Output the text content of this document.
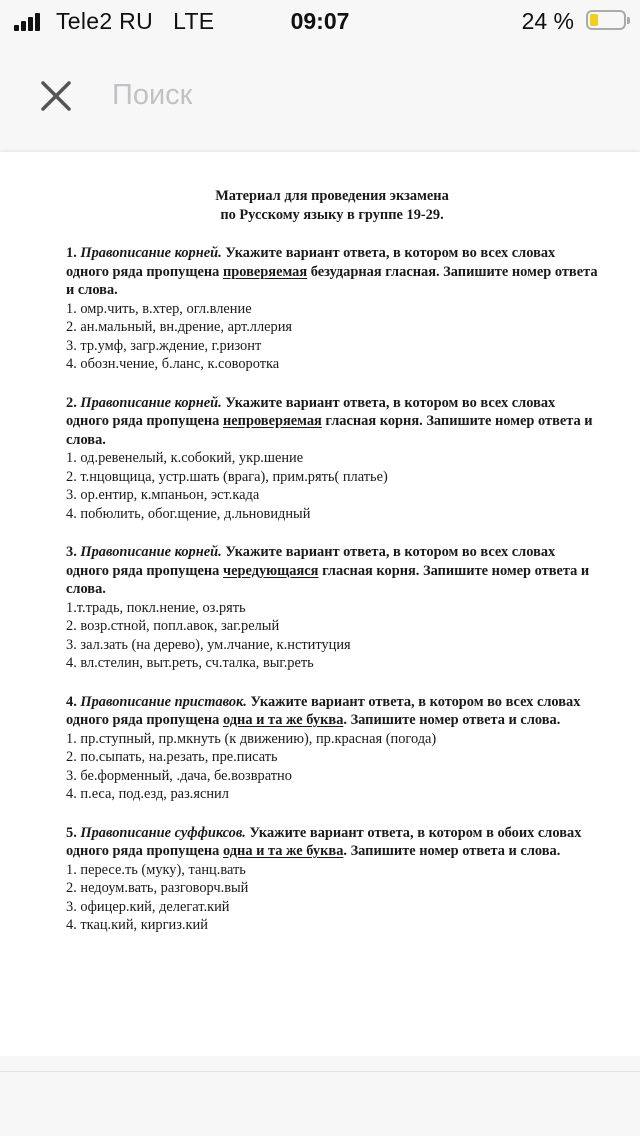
Tele2 RU LTE	09:07	24 %
Поиск
Материал для проведения экзамена
по Русскому языку в группе 19-29.
1. Правописание корней. Укажите вариант ответа, в котором во всех словах одного ряда пропущена проверяемая безударная гласная. Запишите номер ответа и слова.
1. омр.чить, в.хтер, огл.вление
2. ан.мальный, вн.дрение, арт.ллерия
3. тр.умф, загр.ждение, г.ризонт
4. обозн.чение, б.ланс, к.соворотка
2. Правописание корней. Укажите вариант ответа, в котором во всех словах одного ряда пропущена непроверяемая гласная корня. Запишите номер ответа и слова.
1. од.ревенелый, к.собокий, укр.шение
2. т.нцовщица, устр.шать (врага), прим.рять( платье)
3. ор.ентир, к.мпаньон, эст.када
4. побюлить, обог.щение, д.льновидный
3. Правописание корней. Укажите вариант ответа, в котором во всех словах одного ряда пропущена чередующаяся гласная корня. Запишите номер ответа и слова.
1.т.традь, покл.нение, оз.рять
2. возр.стной, попл.авок, заг.релый
3. зал.зать (на дерево), ум.лчание, к.нституция
4. вл.стелин, выт.реть, сч.талка, выг.реть
4. Правописание приставок. Укажите вариант ответа, в котором во всех словах одного ряда пропущена одна и та же буква. Запишите номер ответа и слова.
1. пр.ступный, пр.мкнуть (к движению), пр.красная (погода)
2. по.сыпать, на.резать, пре.писать
3. бе.форменный, .дача, бе.возвратно
4. п.еса, под.езд, раз.яснил
5. Правописание суффиксов. Укажите вариант ответа, в котором в обоих словах одного ряда пропущена одна и та же буква. Запишите номер ответа и слова.
1. пересе.ть (муку), танц.вать
2. недоум.вать, разговорч.вый
3. офицер.кий, делегат.кий
4. ткац.кий, киргиз.кий
